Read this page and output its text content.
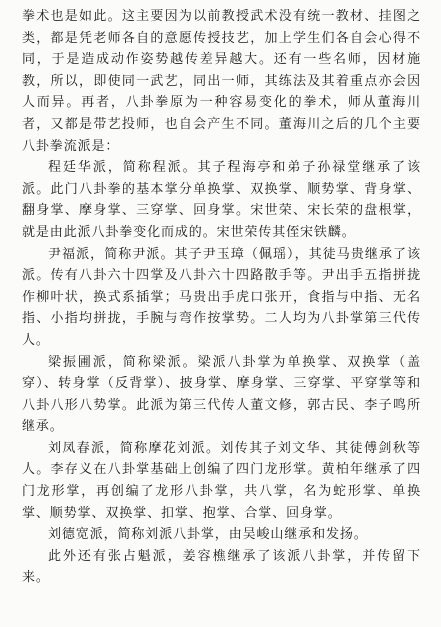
拳术也是如此。这主要因为以前教授武术没有统一教材、挂图之类，都是凭老师各自的意愿传授技艺，加上学生们各自会心得不同，于是造成动作姿势越传差异越大。还有一些名师，因材施教，所以，即使同一武艺，同出一师，其练法及其着重点亦会因人而异。再者，八卦拳原为一种容易变化的拳术，师从董海川者，又都是带艺投师，也自会产生不同。董海川之后的几个主要八卦拳流派是：

程廷华派，简称程派。其子程海亭和弟子孙禄堂继承了该派。此门八卦拳的基本掌分单换掌、双换掌、顺势掌、背身掌、翻身掌、摩身掌、三穿掌、回身掌。宋世荣、宋长荣的盘根掌，就是由此派八卦拳变化而成的。宋世荣传其侄宋铁麟。

尹福派，简称尹派。其子尹玉璋（佩瑶），其徒马贵继承了该派。传有八卦六十四掌及八卦六十四路散手等。尹出手五指拼拢作柳叶状，换式系插掌；马贵出手虎口张开，食指与中指、无名指、小指均拼拢，手腕与弯作按掌势。二人均为八卦掌第三代传人。

梁振圃派，简称梁派。梁派八卦掌为单换掌、双换掌（盖穿）、转身掌（反背掌）、披身掌、摩身掌、三穿掌、平穿掌等和八卦八形八势掌。此派为第三代传人董文修，郭古民、李子鸣所继承。

刘凤春派，简称摩花刘派。刘传其子刘文华、其徒傅剑秋等人。李存义在八卦掌基础上创编了四门龙形掌。黄柏年继承了四门龙形掌，再创编了龙形八卦掌，共八掌，名为蛇形掌、单换掌、顺势掌、双换掌、扣掌、抱掌、合掌、回身掌。

刘德宽派，简称刘派八卦掌，由吴峻山继承和发扬。

此外还有张占魁派，姜容樵继承了该派八卦掌，并传留下来。
